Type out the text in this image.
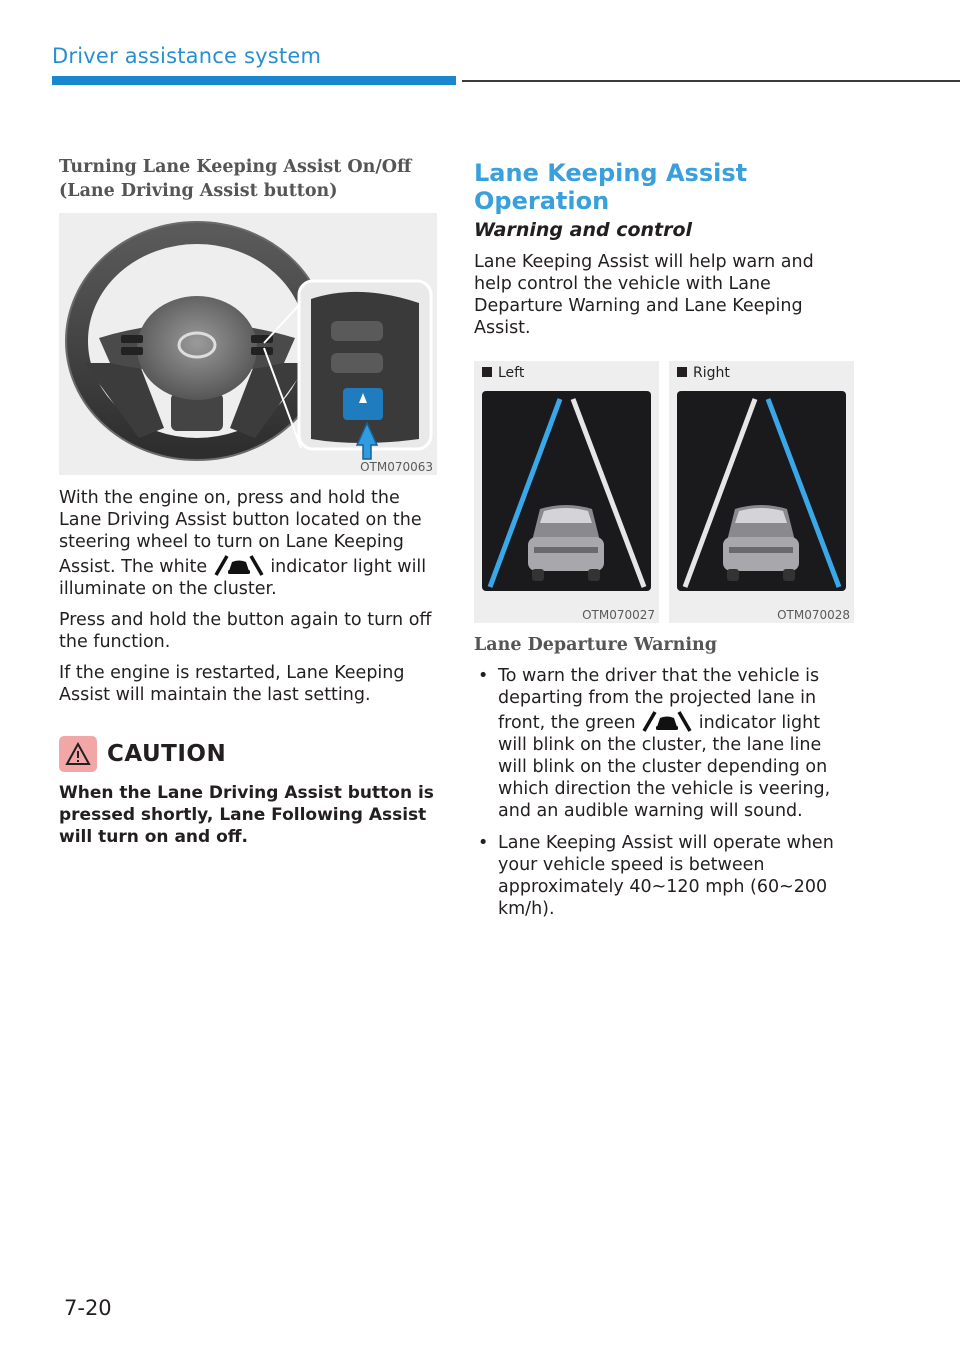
Driver assistance system
Turning Lane Keeping Assist On/Off
(Lane Driving Assist button)
OTM070063

With the engine on, press and hold the Lane Driving Assist button located on the steering wheel to turn on Lane Keeping Assist. The white	indicator light will illuminate on the cluster.

Press and hold the button again to turn off the function.

If the engine is restarted, Lane Keeping Assist will maintain the last setting.

CAUTION
When the Lane Driving Assist button is pressed shortly, Lane Following Assist will turn on and off.
Lane Keeping Assist Operation
Warning and control

Lane Keeping Assist will help warn and help control the vehicle with Lane Departure Warning and Lane Keeping Assist.

Left
OTM070027
Right
OTM070028
Lane Departure Warning
• To warn the driver that the vehicle is departing from the projected lane in front, the green	indicator light will blink on the cluster, the lane line will blink on the cluster depending on which direction the vehicle is veering, and an audible warning will sound.
• Lane Keeping Assist will operate when your vehicle speed is between approximately 40~120 mph (60~200 km/h).
7-20
